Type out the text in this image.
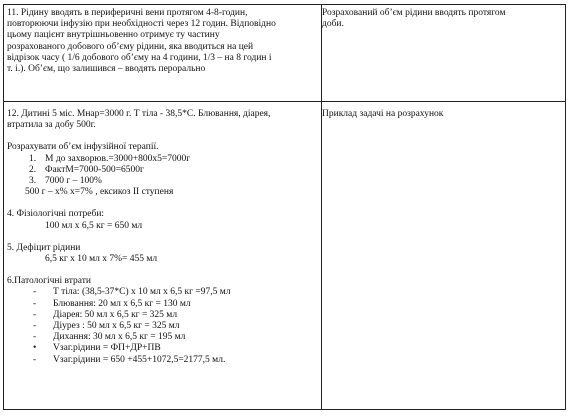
11. Рідину вводять в периферичні вени протягом 4-8-годин,
повторюючи інфузію при необхідності через 12 годин. Відповідно
цьому пацієнт внутрішньовенно отримує ту частину
розрахованого добового об’єму рідини, яка вводиться на цей
відрізок часу ( 1/6 добового об’єму на 4 години, 1/3 – на 8 годин і
т. і.). Об’єм, що залишився – вводять перорально
Розрахований об’єм рідини вводять протягом
доби.
12. Дитині 5 міс. Мнар=3000 г. Т тіла - 38,5*С. Блювання, діарея,
втратила за добу 500г.
Розрахувати об’єм інфузійної терапії.
1. М до захворюв.=3000+800х5=7000г
2. ФактМ=7000-500=6500г
3. 7000 г – 100%
500 г – х% х=7% , ексикоз ІІ ступеня
4. Фізіологічні потреби:
100 мл х 6,5 кг = 650 мл
5. Дефіцит рідини
6,5 кг х 10 мл х 7%= 455 мл
6.Патологічні втрати
- Т тіла: (38,5-37*С) х 10 мл х 6,5 кг =97,5 мл
- Блювання: 20 мл х 6,5 кг = 130 мл
- Діарея: 50 мл х 6,5 кг = 325 мл
- Діурез : 50 мл х 6,5 кг = 325 мл
- Дихання: 30 мл х 6,5 кг = 195 мл
• Vзаг.рідини = ФП+ДР+ПВ
- Vзаг.рідини = 650 +455+1072,5=2177,5 мл.
Приклад задачі на розрахунок
